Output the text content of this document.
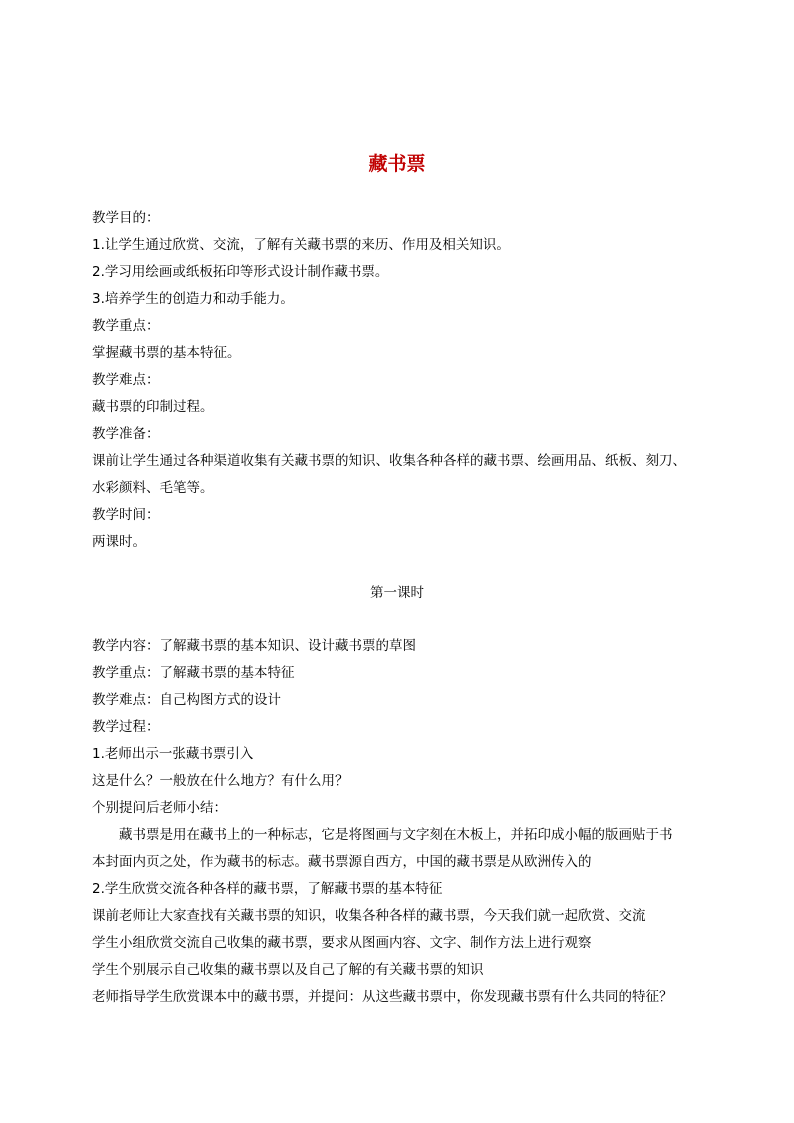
藏书票
教学目的：
1.让学生通过欣赏、交流，了解有关藏书票的来历、作用及相关知识。
2.学习用绘画或纸板拓印等形式设计制作藏书票。
3.培养学生的创造力和动手能力。
教学重点：
掌握藏书票的基本特征。
教学难点：
藏书票的印制过程。
教学准备：
课前让学生通过各种渠道收集有关藏书票的知识、收集各种各样的藏书票、绘画用品、纸板、刻刀、
水彩颜料、毛笔等。
教学时间：
两课时。
第一课时
教学内容：了解藏书票的基本知识、设计藏书票的草图
教学重点：了解藏书票的基本特征
教学难点：自己构图方式的设计
教学过程：
1.老师出示一张藏书票引入
这是什么？一般放在什么地方？有什么用？
个别提问后老师小结：
藏书票是用在藏书上的一种标志，它是将图画与文字刻在木板上，并拓印成小幅的版画贴于书
本封面内页之处，作为藏书的标志。藏书票源自西方，中国的藏书票是从欧洲传入的
2.学生欣赏交流各种各样的藏书票，了解藏书票的基本特征
课前老师让大家查找有关藏书票的知识，收集各种各样的藏书票，今天我们就一起欣赏、交流
学生小组欣赏交流自己收集的藏书票，要求从图画内容、文字、制作方法上进行观察
学生个别展示自己收集的藏书票以及自己了解的有关藏书票的知识
老师指导学生欣赏课本中的藏书票，并提问：从这些藏书票中，你发现藏书票有什么共同的特征？
